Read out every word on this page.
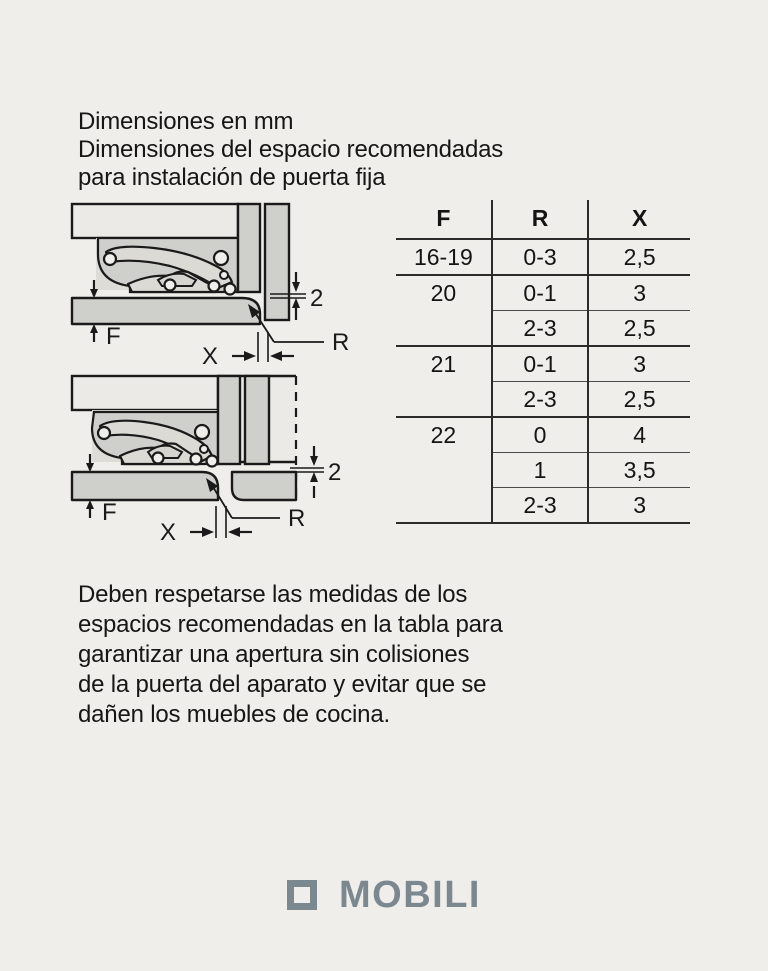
Dimensiones en mm
Dimensiones del espacio recomendadas
para instalación de puerta fija
F
2
R
X
F
2
R
X
F	R	X
16-19	0-3	2,5
20	0-1	3
	2-3	2,5
21	0-1	3
	2-3	2,5
22	0	4
	1	3,5
	2-3	3
Deben respetarse las medidas de los
espacios recomendadas en la tabla para
garantizar una apertura sin colisiones
de la puerta del aparato y evitar que se
dañen los muebles de cocina.
MOBILI
